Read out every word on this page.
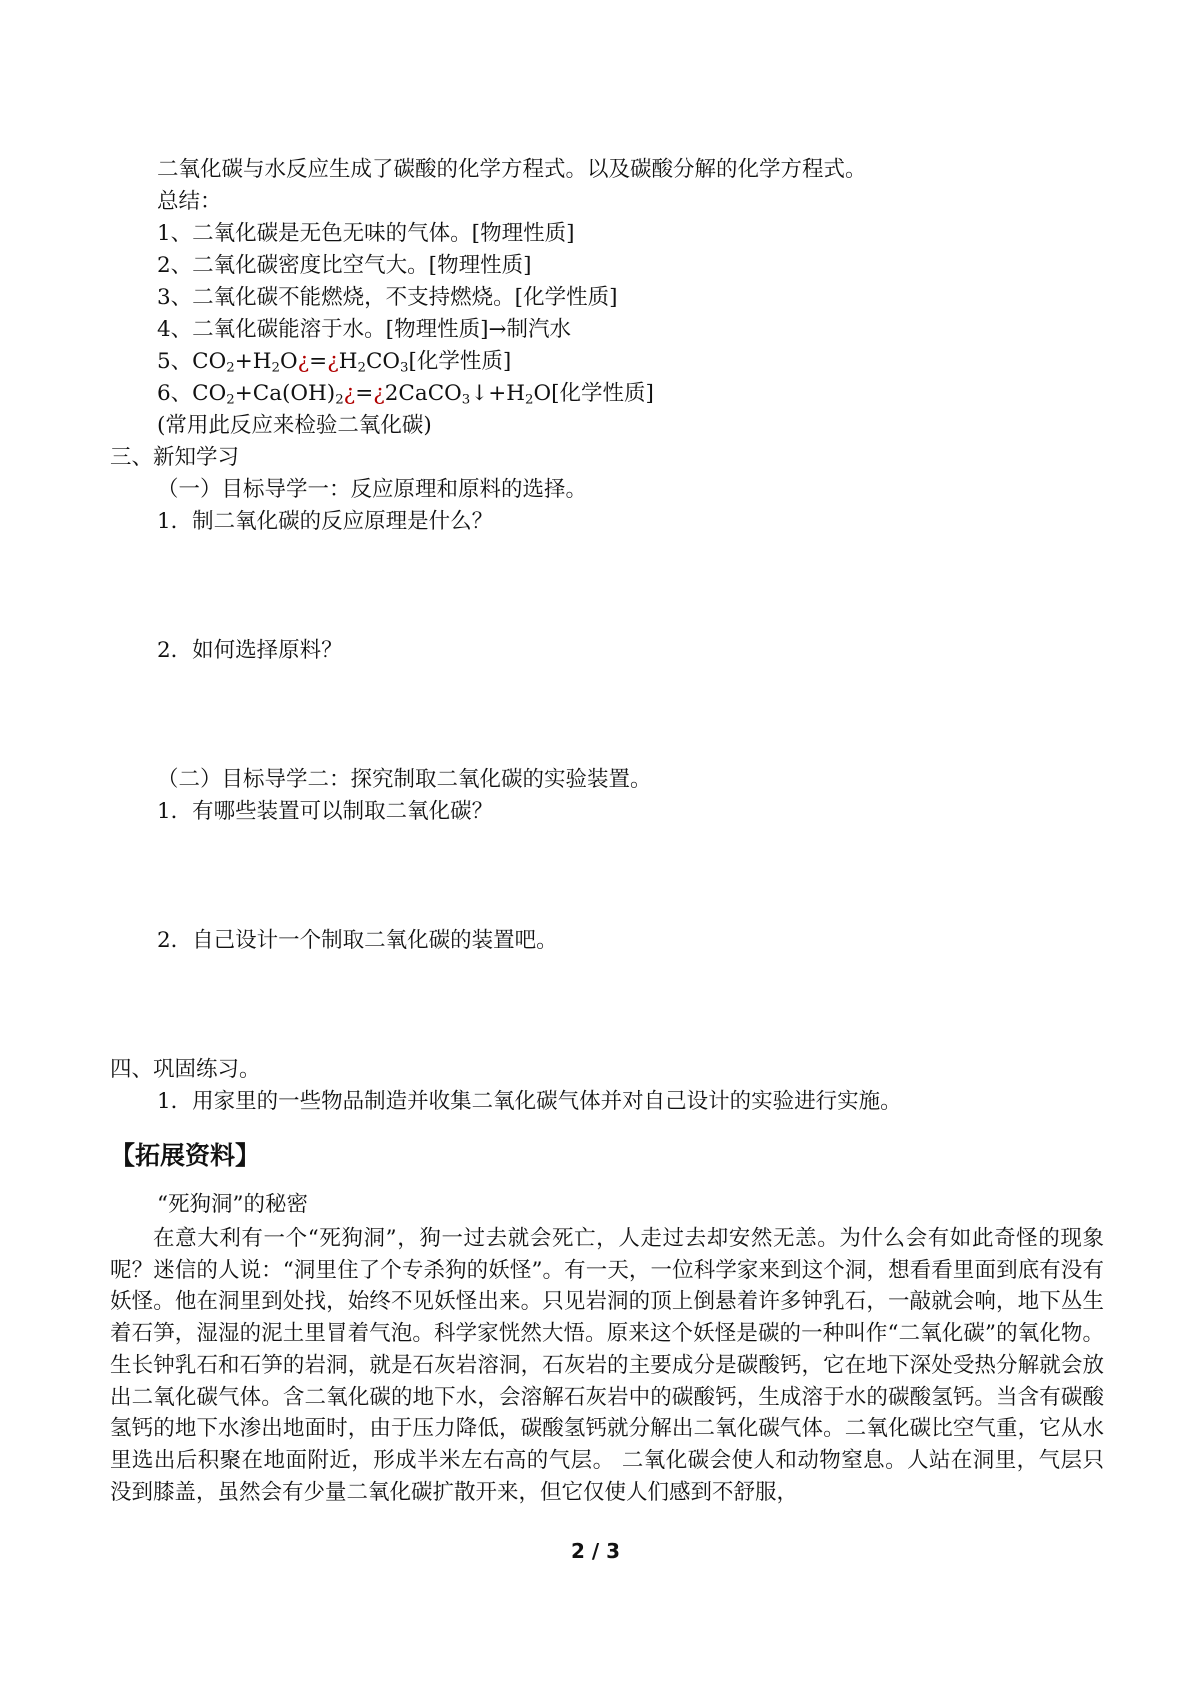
二氧化碳与水反应生成了碳酸的化学方程式。以及碳酸分解的化学方程式。
总结：
1、二氧化碳是无色无味的气体。[物理性质]
2、二氧化碳密度比空气大。[物理性质]
3、二氧化碳不能燃烧，不支持燃烧。[化学性质]
4、二氧化碳能溶于水。[物理性质]→制汽水
5、$CO_2+H_2O¿=¿H_2CO_3$[化学性质]
6、$CO_2+Ca(OH)_2¿=¿2CaCO_3↓+H_2O$[化学性质]
(常用此反应来检验二氧化碳)
三、新知学习
（一）目标导学一：反应原理和原料的选择。
1．制二氧化碳的反应原理是什么？
2．如何选择原料？
（二）目标导学二：探究制取二氧化碳的实验装置。
1．有哪些装置可以制取二氧化碳？
2．自己设计一个制取二氧化碳的装置吧。
四、巩固练习。
1．用家里的一些物品制造并收集二氧化碳气体并对自己设计的实验进行实施。
【拓展资料】
“死狗洞”的秘密

在意大利有一个“死狗洞”，狗一过去就会死亡，人走过去却安然无恙。为什么会有如此奇怪的现象呢？迷信的人说：“洞里住了个专杀狗的妖怪”。有一天，一位科学家来到这个洞，想看看里面到底有没有妖怪。他在洞里到处找，始终不见妖怪出来。只见岩洞的顶上倒悬着许多钟乳石，一敲就会响，地下丛生着石笋，湿湿的泥土里冒着气泡。科学家恍然大悟。原来这个妖怪是碳的一种叫作“二氧化碳”的氧化物。 生长钟乳石和石笋的岩洞，就是石灰岩溶洞，石灰岩的主要成分是碳酸钙，它在地下深处受热分解就会放出二氧化碳气体。含二氧化碳的地下水，会溶解石灰岩中的碳酸钙，生成溶于水的碳酸氢钙。当含有碳酸氢钙的地下水渗出地面时，由于压力降低，碳酸氢钙就分解出二氧化碳气体。二氧化碳比空气重，它从水里选出后积聚在地面附近，形成半米左右高的气层。 二氧化碳会使人和动物窒息。人站在洞里，气层只没到膝盖，虽然会有少量二氧化碳扩散开来，但它仅使人们感到不舒服，

2 / 3
